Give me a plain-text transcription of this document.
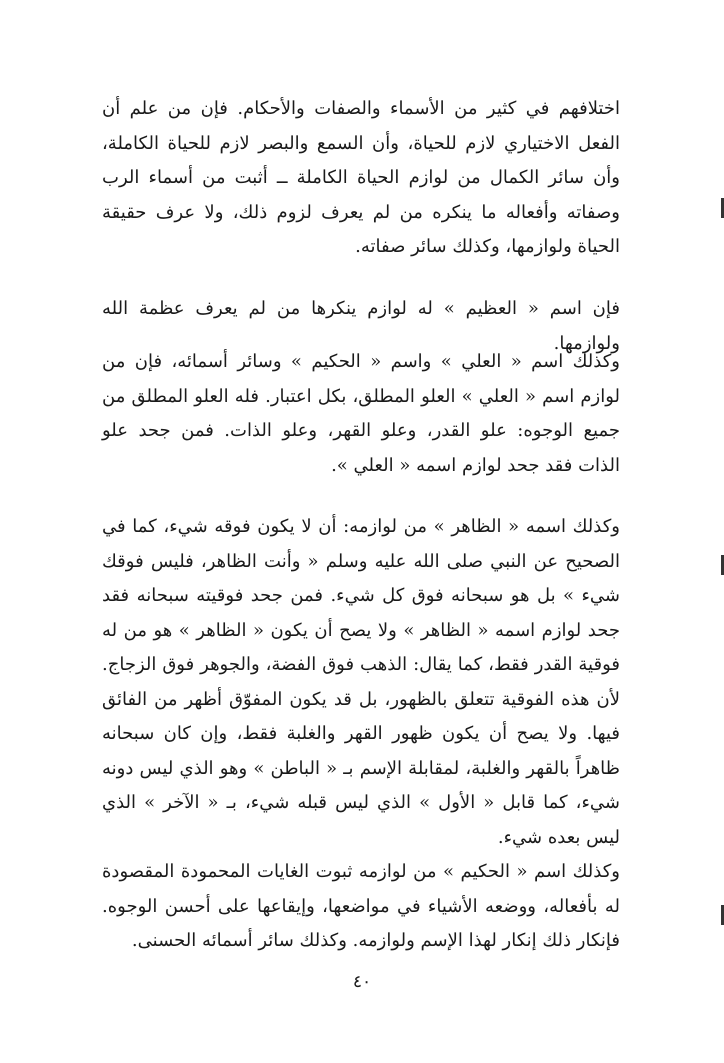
اختلافهم في كثير من الأسماء والصفات والأحكام. فإن من علم أن الفعل الاختياري لازم للحياة، وأن السمع والبصر لازم للحياة الكاملة، وأن سائر الكمال من لوازم الحياة الكاملة ــ أثبت من أسماء الرب وصفاته وأفعاله ما ينكره من لم يعرف لزوم ذلك، ولا عرف حقيقة الحياة ولوازمها، وكذلك سائر صفاته.

فإن اسم « العظيم » له لوازم ينكرها من لم يعرف عظمة الله ولوازمها.

وكذلك اسم « العلي » واسم « الحكيم » وسائر أسمائه، فإن من لوازم اسم « العلي » العلو المطلق، بكل اعتبار. فله العلو المطلق من جميع الوجوه: علو القدر، وعلو القهر، وعلو الذات. فمن جحد علو الذات فقد جحد لوازم اسمه « العلي ».

وكذلك اسمه « الظاهر » من لوازمه: أن لا يكون فوقه شيء، كما في الصحيح عن النبي صلى الله عليه وسلم « وأنت الظاهر، فليس فوقك شيء » بل هو سبحانه فوق كل شيء. فمن جحد فوقيته سبحانه فقد جحد لوازم اسمه « الظاهر » ولا يصح أن يكون « الظاهر » هو من له فوقية القدر فقط، كما يقال: الذهب فوق الفضة، والجوهر فوق الزجاج. لأن هذه الفوقية تتعلق بالظهور، بل قد يكون المفوّق أظهر من الفائق فيها. ولا يصح أن يكون ظهور القهر والغلبة فقط، وإن كان سبحانه ظاهراً بالقهر والغلبة، لمقابلة الإسم بـ « الباطن » وهو الذي ليس دونه شيء، كما قابل « الأول » الذي ليس قبله شيء، بـ « الآخر » الذي ليس بعده شيء.

وكذلك اسم « الحكيم » من لوازمه ثبوت الغايات المحمودة المقصودة له بأفعاله، ووضعه الأشياء في مواضعها، وإيقاعها على أحسن الوجوه. فإنكار ذلك إنكار لهذا الإسم ولوازمه. وكذلك سائر أسمائه الحسنى.

٤٠
